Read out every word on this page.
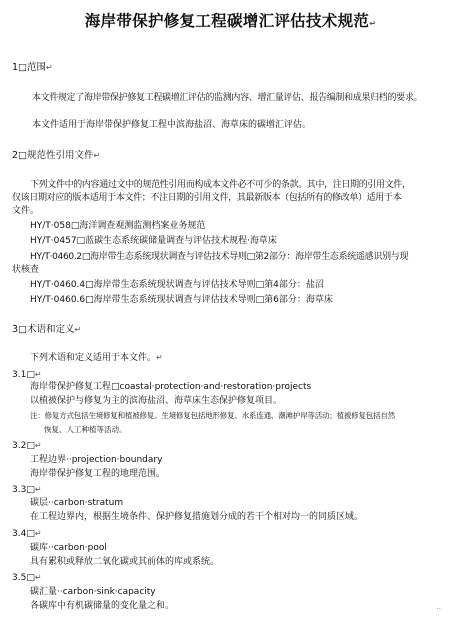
海岸带保护修复工程碳增汇评估技术规范↵
1□范围↵
本文件规定了海岸带保护修复工程碳增汇评估的监测内容、增汇量评估、报告编制和成果归档的要求。
本文件适用于海岸带保护修复工程中滨海盐沼、海草床的碳增汇评估。
2□规范性引用文件↵
下列文件中的内容通过文中的规范性引用而构成本文件必不可少的条款。其中，注日期的引用文件，
仅该日期对应的版本适用于本文件；不注日期的引用文件，其最新版本（包括所有的修改单）适用于本
文件。
HY/T·058□海洋调查观测监测档案业务规范
HY/T·0457□蓝碳生态系统碳储量调查与评估技术规程·海草床
HY/T·0460.2□海岸带生态系统现状调查与评估技术导则□第2部分：海岸带生态系统遥感识别与现
状核查
HY/T·0460.4□海岸带生态系统现状调查与评估技术导则□第4部分：盐沼
HY/T·0460.6□海岸带生态系统现状调查与评估技术导则□第6部分：海草床
3□术语和定义↵
下列术语和定义适用于本文件。↵
3.1□↵
海岸带保护修复工程□coastal·protection·and·restoration·projects
以植被保护与修复为主的滨海盐沼、海草床生态保护修复项目。
注：修复方式包括生境修复和植被修复。生境修复包括地形修复、水系连通、潮滩护岸等活动；植被修复包括自然
恢复、人工种植等活动。
3.2□↵
工程边界··projection·boundary
海岸带保护修复工程的地理范围。
3.3□↵
碳层··carbon·stratum
在工程边界内，根据生境条件、保护修复措施划分成的若干个相对均一的同质区域。
3.4□↵
碳库··carbon·pool
具有累积或释放二氧化碳或其前体的库或系统。
3.5□↵
碳汇量··carbon·sink·capacity
各碳库中有机碳储量的变化量之和。	··
